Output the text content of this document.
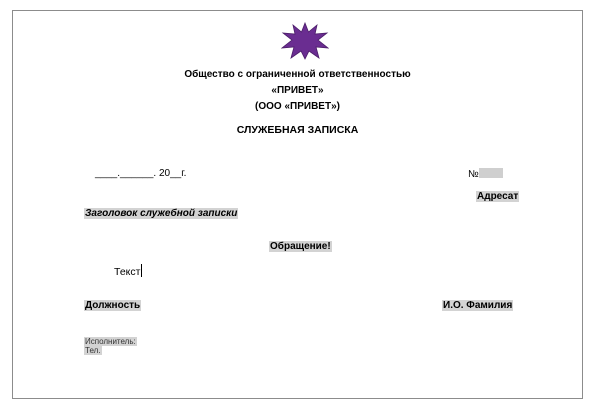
Общество с ограниченной ответственностью
«ПРИВЕТ»
(ООО «ПРИВЕТ»)
СЛУЖЕБНАЯ ЗАПИСКА
____.______. 20__г.	№
Адресат
Заголовок служебной записки
Обращение!
Текст
Должность	И.О. Фамилия
Исполнитель:
Тел.
